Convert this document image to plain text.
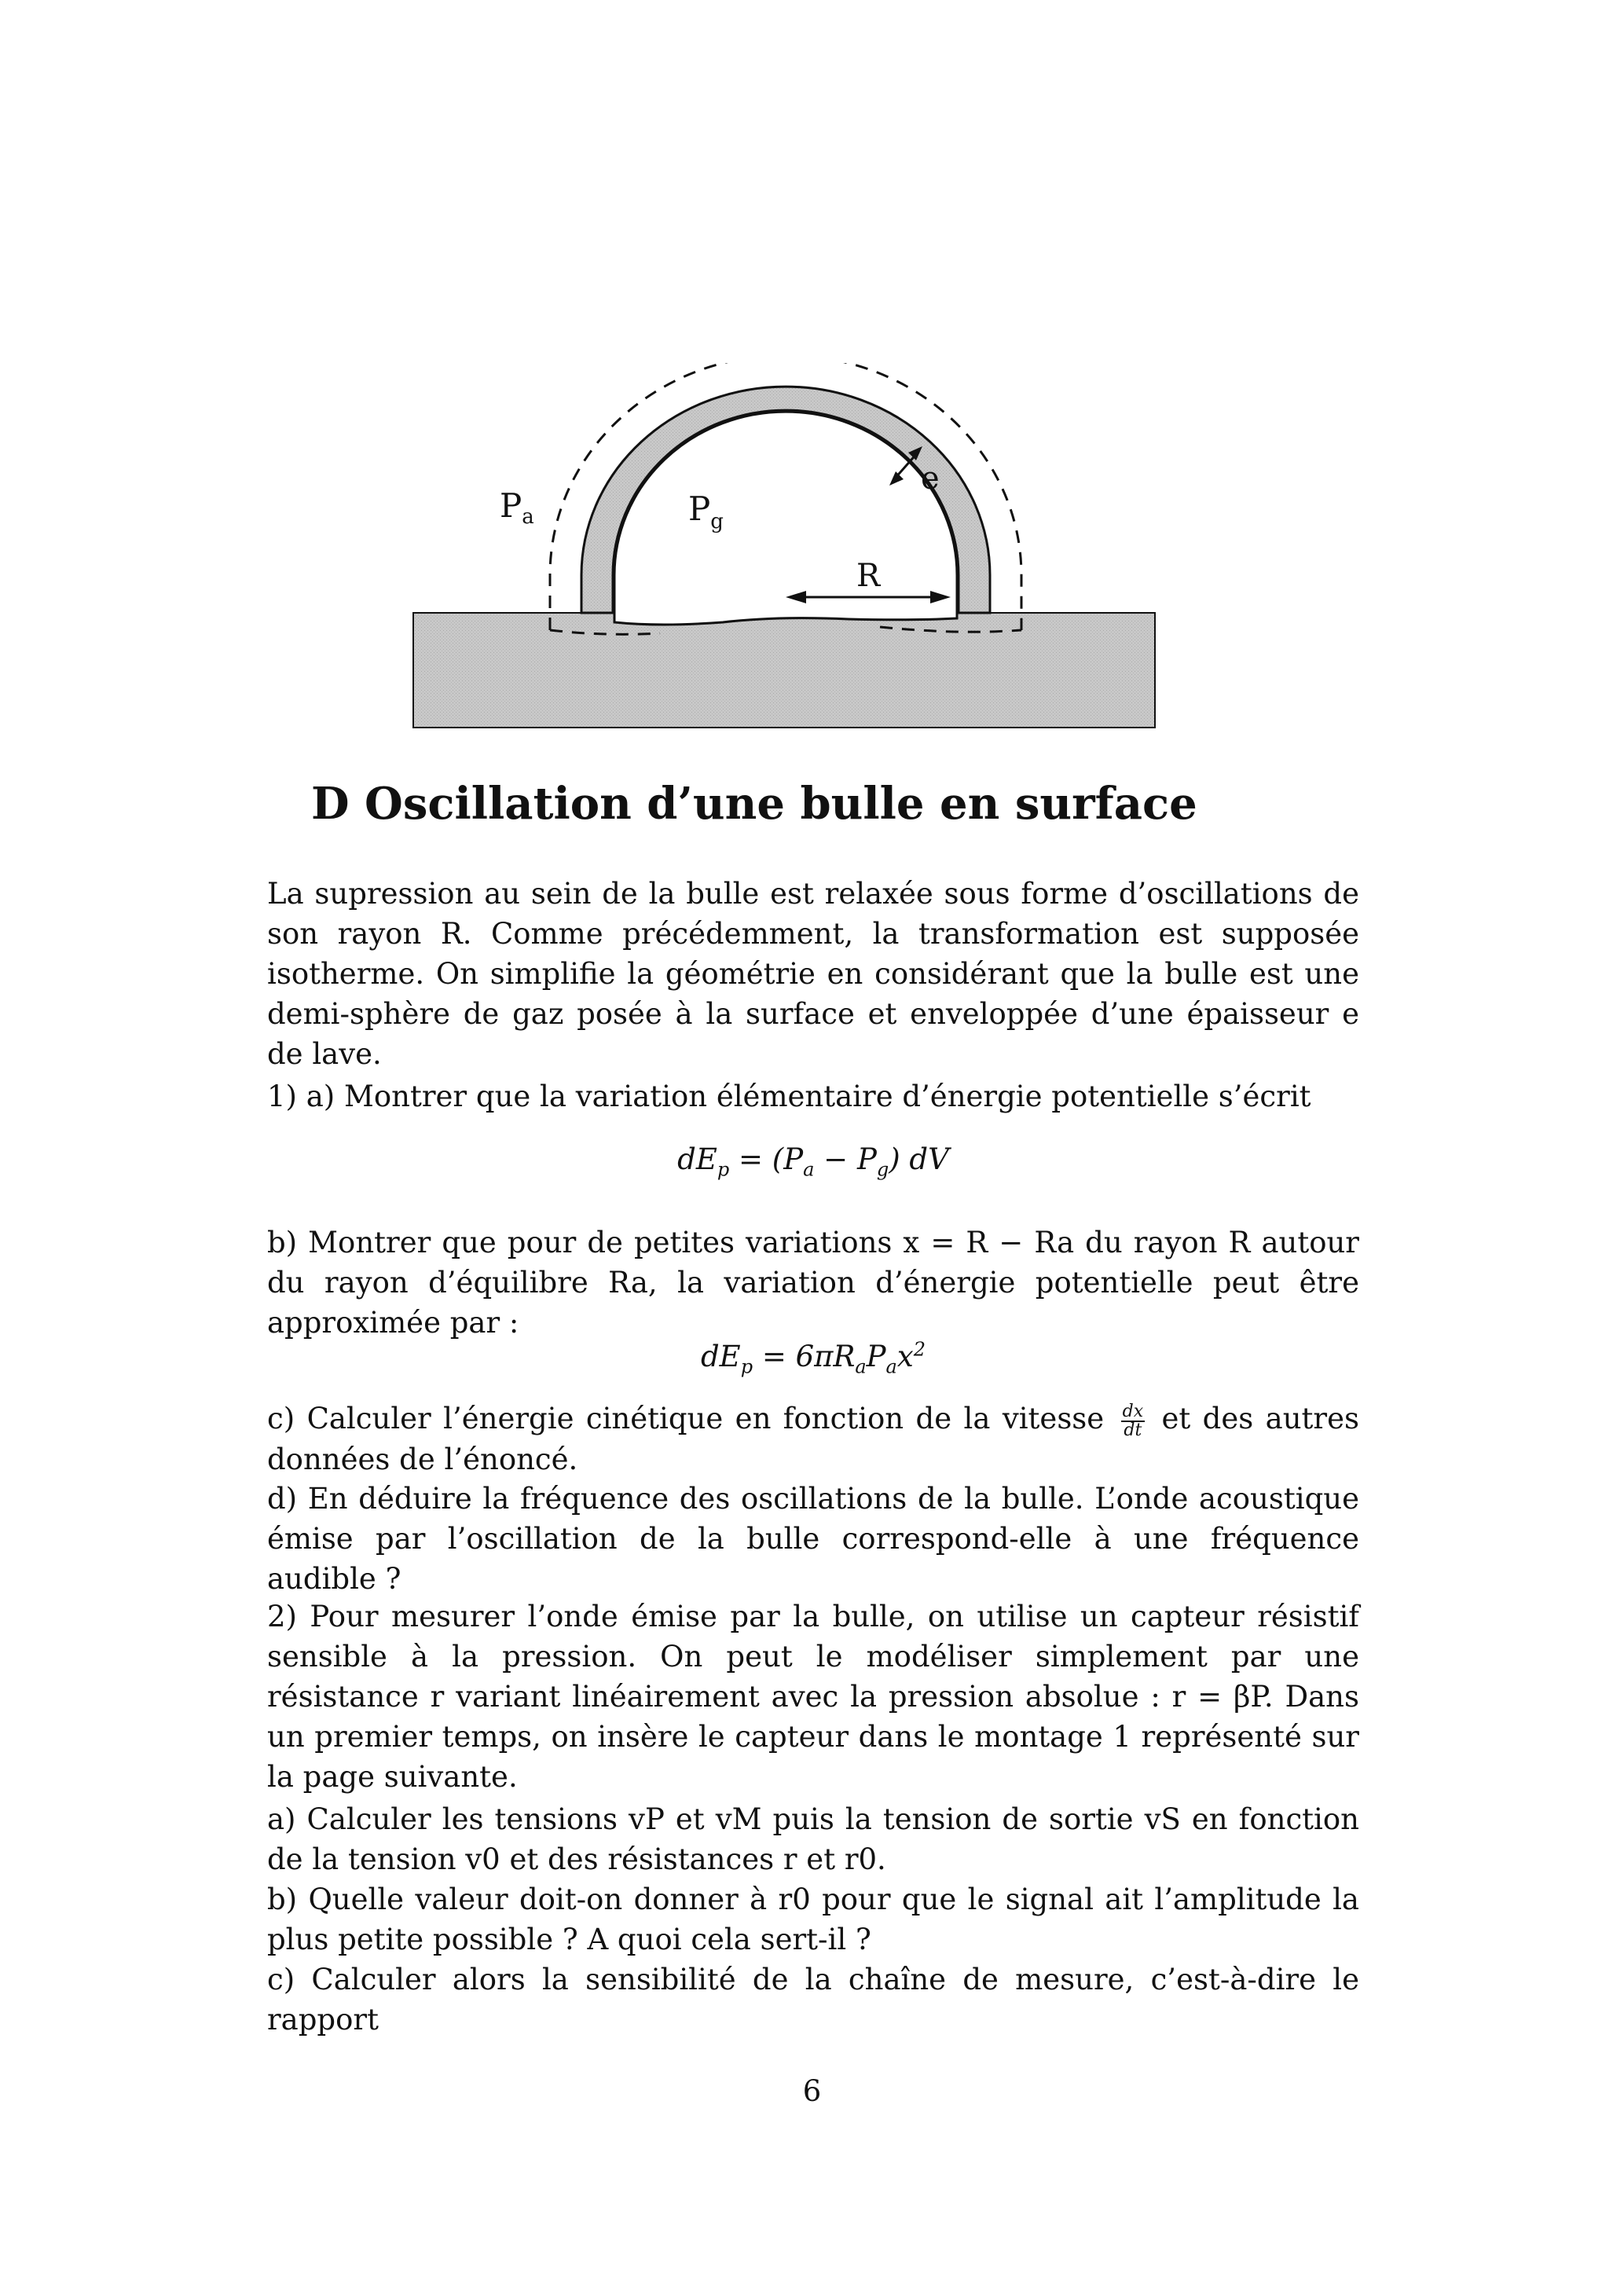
Pa	$P_g$
e
R
D Oscillation d’une bulle en surface

La supression au sein de la bulle est relaxée sous forme d’oscillations de son rayon R. Comme précédemment, la transformation est supposée isotherme. On simplifie la géométrie en considérant que la bulle est une demi-sphère de gaz posée à la surface et enveloppée d’une épaisseur e de lave.

1) a) Montrer que la variation élémentaire d’énergie potentielle s’écrit

$dE_p = (P_a - P_g)$ dV

b) Montrer que pour de petites variations x = R − Ra du rayon R autour du rayon d’équilibre Ra, la variation d’énergie potentielle peut être approximée par :

$dE_p = 6\pi R_aP_ax^2$

c) Calculer l’énergie cinétique en fonction de la vitesse $\frac{dx}{dt}$ et des autres données de l’énoncé.

d) En déduire la fréquence des oscillations de la bulle. L’onde acoustique émise par l’oscillation de la bulle correspond-elle à une fréquence audible ?

2) Pour mesurer l’onde émise par la bulle, on utilise un capteur résistif sensible à la pression. On peut le modéliser simplement par une résistance r variant linéairement avec la pression absolue : r = βP. Dans un premier temps, on insère le capteur dans le montage 1 représenté sur la page suivante.

a) Calculer les tensions vP et vM puis la tension de sortie vS en fonction de la tension v0 et des résistances r et r0.

b) Quelle valeur doit-on donner à r0 pour que le signal ait l’amplitude la plus petite possible ? A quoi cela sert-il ?

c) Calculer alors la sensibilité de la chaîne de mesure, c’est-à-dire le rapport

6
